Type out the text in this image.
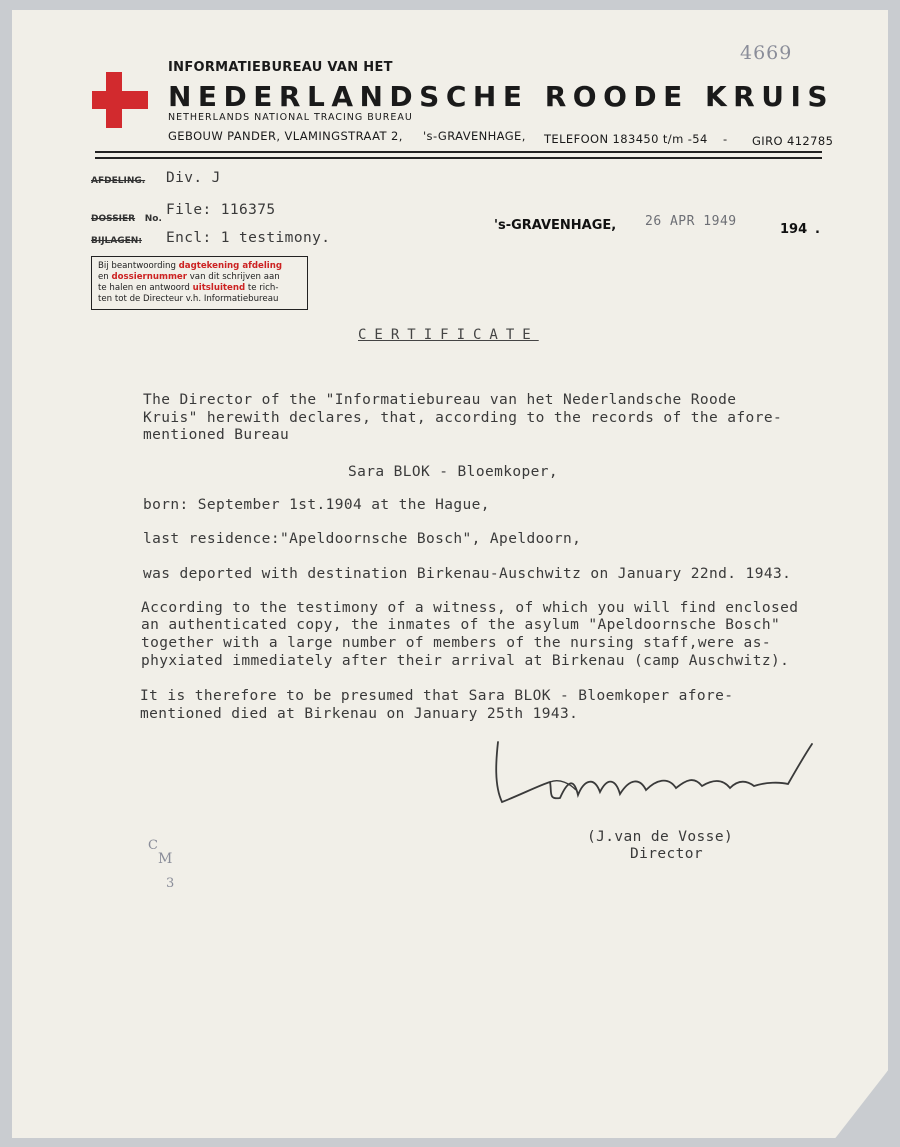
4669
INFORMATIEBUREAU VAN HET
NEDERLANDSCHE ROODE KRUIS
NETHERLANDS NATIONAL TRACING BUREAU
GEBOUW PANDER, VLAMINGSTRAAT 2, 's-GRAVENHAGE, TELEFOON 183450 t/m -54 - GIRO 412785
AFDELING. Div. J
DOSSIER No.
File: 116375
BIJLAGEN: Encl: 1 testimony.
's-GRAVENHAGE, 26 APR 1949
194 .
Bij beantwoording dagtekening afdeling
en dossiernummer van dit schrijven aan
te halen en antwoord uitsluitend te rich-
ten tot de Directeur v.h. Informatiebureau
CERTIFICATE
The Director of the "Informatiebureau van het Nederlandsche Roode
Kruis" herewith declares, that, according to the records of the afore-
mentioned Bureau
Sara BLOK - Bloemkoper,
born: September 1st.1904 at the Hague,
last residence:"Apeldoornsche Bosch", Apeldoorn,
was deported with destination Birkenau-Auschwitz on January 22nd. 1943.
According to the testimony of a witness, of which you will find enclosed
an authenticated copy, the inmates of the asylum "Apeldoornsche Bosch"
together with a large number of members of the nursing staff,were as-
phyxiated immediately after their arrival at Birkenau (camp Auschwitz).
It is therefore to be presumed that Sara BLOK - Bloemkoper afore-
mentioned died at Birkenau on January 25th 1943.
(J.van de Vosse)
Director
C
M
3
